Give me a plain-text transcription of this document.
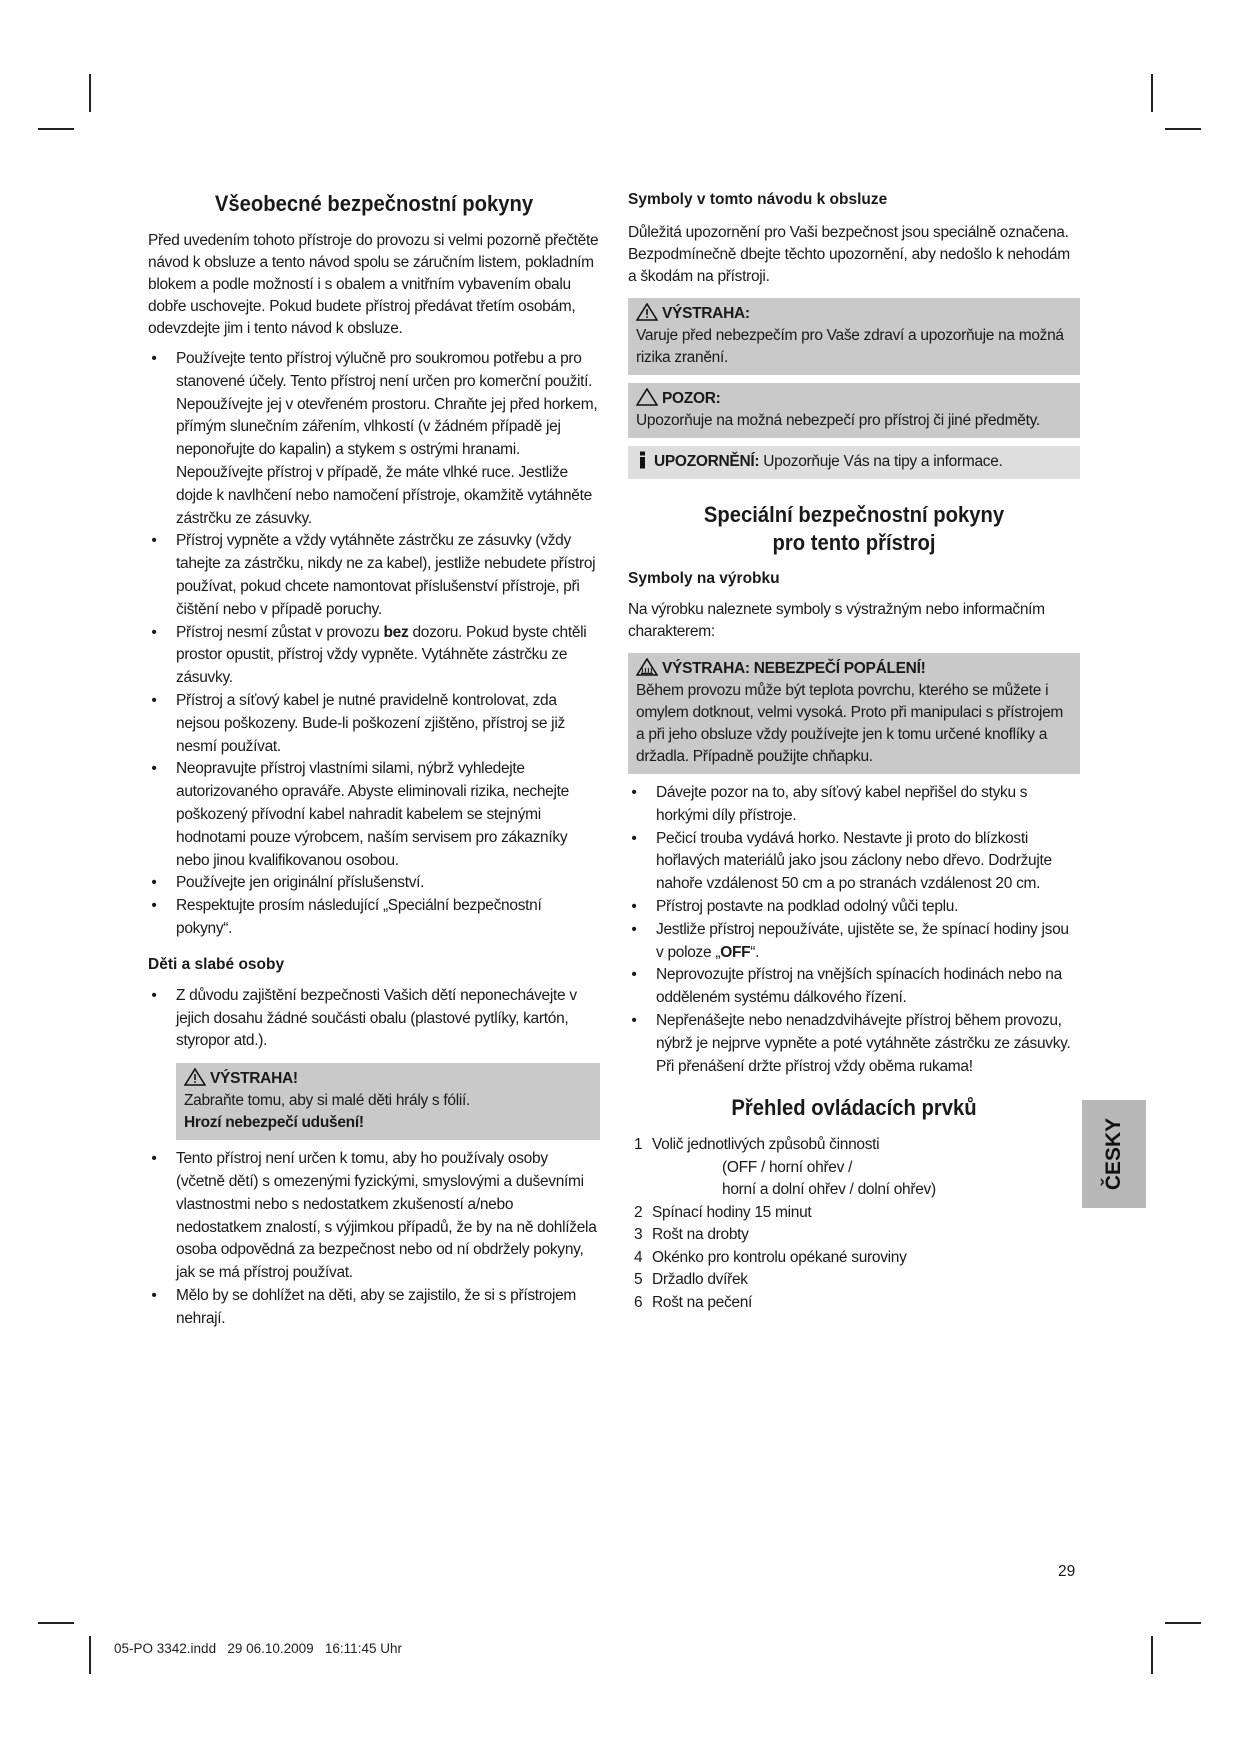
Všeobecné bezpečnostní pokyny

Před uvedením tohoto přístroje do provozu si velmi pozorně přečtěte návod k obsluze a tento návod spolu se záručním listem, pokladním blokem a podle možností i s obalem a vnitřním vybavením obalu dobře uschovejte. Pokud budete přístroj předávat třetím osobám, odevzdejte jim i tento návod k obsluze.

• Používejte tento přístroj výlučně pro soukromou potřebu a pro stanovené účely. Tento přístroj není určen pro komerční použití. Nepoužívejte jej v otevřeném prostoru. Chraňte jej před horkem, přímým slunečním zářením, vlhkostí (v žádném případě jej neponořujte do kapalin) a stykem s ostrými hranami. Nepoužívejte přístroj v případě, že máte vlhké ruce. Jestliže dojde k navlhčení nebo namočení přístroje, okamžitě vytáhněte zástrčku ze zásuvky.
• Přístroj vypněte a vždy vytáhněte zástrčku ze zásuvky (vždy tahejte za zástrčku, nikdy ne za kabel), jestliže nebudete přístroj používat, pokud chcete namontovat příslušenství přístroje, při čištění nebo v případě poruchy.
• Přístroj nesmí zůstat v provozu bez dozoru. Pokud byste chtěli prostor opustit, přístroj vždy vypněte. Vytáhněte zástrčku ze zásuvky.
• Přístroj a síťový kabel je nutné pravidelně kontrolovat, zda nejsou poškozeny. Bude-li poškození zjištěno, přístroj se již nesmí používat.
• Neopravujte přístroj vlastními silami, nýbrž vyhledejte autorizovaného opraváře. Abyste eliminovali rizika, nechejte poškozený přívodní kabel nahradit kabelem se stejnými hodnotami pouze výrobcem, naším servisem pro zákazníky nebo jinou kvalifikovanou osobou.
• Používejte jen originální příslušenství.
• Respektujte prosím následující „Speciální bezpečnostní pokyny“.
Děti a slabé osoby
• Z důvodu zajištění bezpečnosti Vašich dětí neponechávejte v jejich dosahu žádné součásti obalu (plastové pytlíky, kartón, styropor atd.).
VÝSTRAHA!
Zabraňte tomu, aby si malé děti hrály s fólií.
Hrozí nebezpečí udušení!
• Tento přístroj není určen k tomu, aby ho používaly osoby (včetně dětí) s omezenými fyzickými, smyslovými a duševními vlastnostmi nebo s nedostatkem zkušeností a/nebo nedostatkem znalostí, s výjimkou případů, že by na ně dohlížela osoba odpovědná za bezpečnost nebo od ní obdržely pokyny, jak se má přístroj používat.
• Mělo by se dohlížet na děti, aby se zajistilo, že si s přístrojem nehrají.
Symboly v tomto návodu k obsluze

Důležitá upozornění pro Vaši bezpečnost jsou speciálně označena. Bezpodmínečně dbejte těchto upozornění, aby nedošlo k nehodám a škodám na přístroji.

VÝSTRAHA:
Varuje před nebezpečím pro Vaše zdraví a upozorňuje na možná rizika zranění.
POZOR:
Upozorňuje na možná nebezpečí pro přístroj či jiné předměty.
UPOZORNĚNÍ: Upozorňuje Vás na tipy a informace.
Speciální bezpečnostní pokyny
pro tento přístroj
Symboly na výrobku

Na výrobku naleznete symboly s výstražným nebo informačním charakterem:

VÝSTRAHA: NEBEZPEČÍ POPÁLENÍ!
Během provozu může být teplota povrchu, kterého se můžete i omylem dotknout, velmi vysoká. Proto při manipulaci s přístrojem a při jeho obsluze vždy používejte jen k tomu určené knoflíky a držadla. Případně použijte chňapku.
• Dávejte pozor na to, aby síťový kabel nepřišel do styku s horkými díly přístroje.
• Pečicí trouba vydává horko. Nestavte ji proto do blízkosti hořlavých materiálů jako jsou záclony nebo dřevo. Dodržujte nahoře vzdálenost 50 cm a po stranách vzdálenost 20 cm.
• Přístroj postavte na podklad odolný vůči teplu.
• Jestliže přístroj nepoužíváte, ujistěte se, že spínací hodiny jsou v poloze „OFF“.
• Neprovozujte přístroj na vnějších spínacích hodinách nebo na odděleném systému dálkového řízení.
• Nepřenášejte nebo nenadzdvihávejte přístroj během provozu, nýbrž je nejprve vypněte a poté vytáhněte zástrčku ze zásuvky. Při přenášení držte přístroj vždy oběma rukama!
Přehled ovládacích prvků
1 Volič jednotlivých způsobů činnosti
(OFF / horní ohřev /
horní a dolní ohřev / dolní ohřev)
2 Spínací hodiny 15 minut
3 Rošt na drobty
4 Okénko pro kontrolu opékané suroviny
5 Držadlo dvířek
6 Rošt na pečení
ČESKY
29
05-PO 3342.indd   29 06.10.2009   16:11:45 Uhr
